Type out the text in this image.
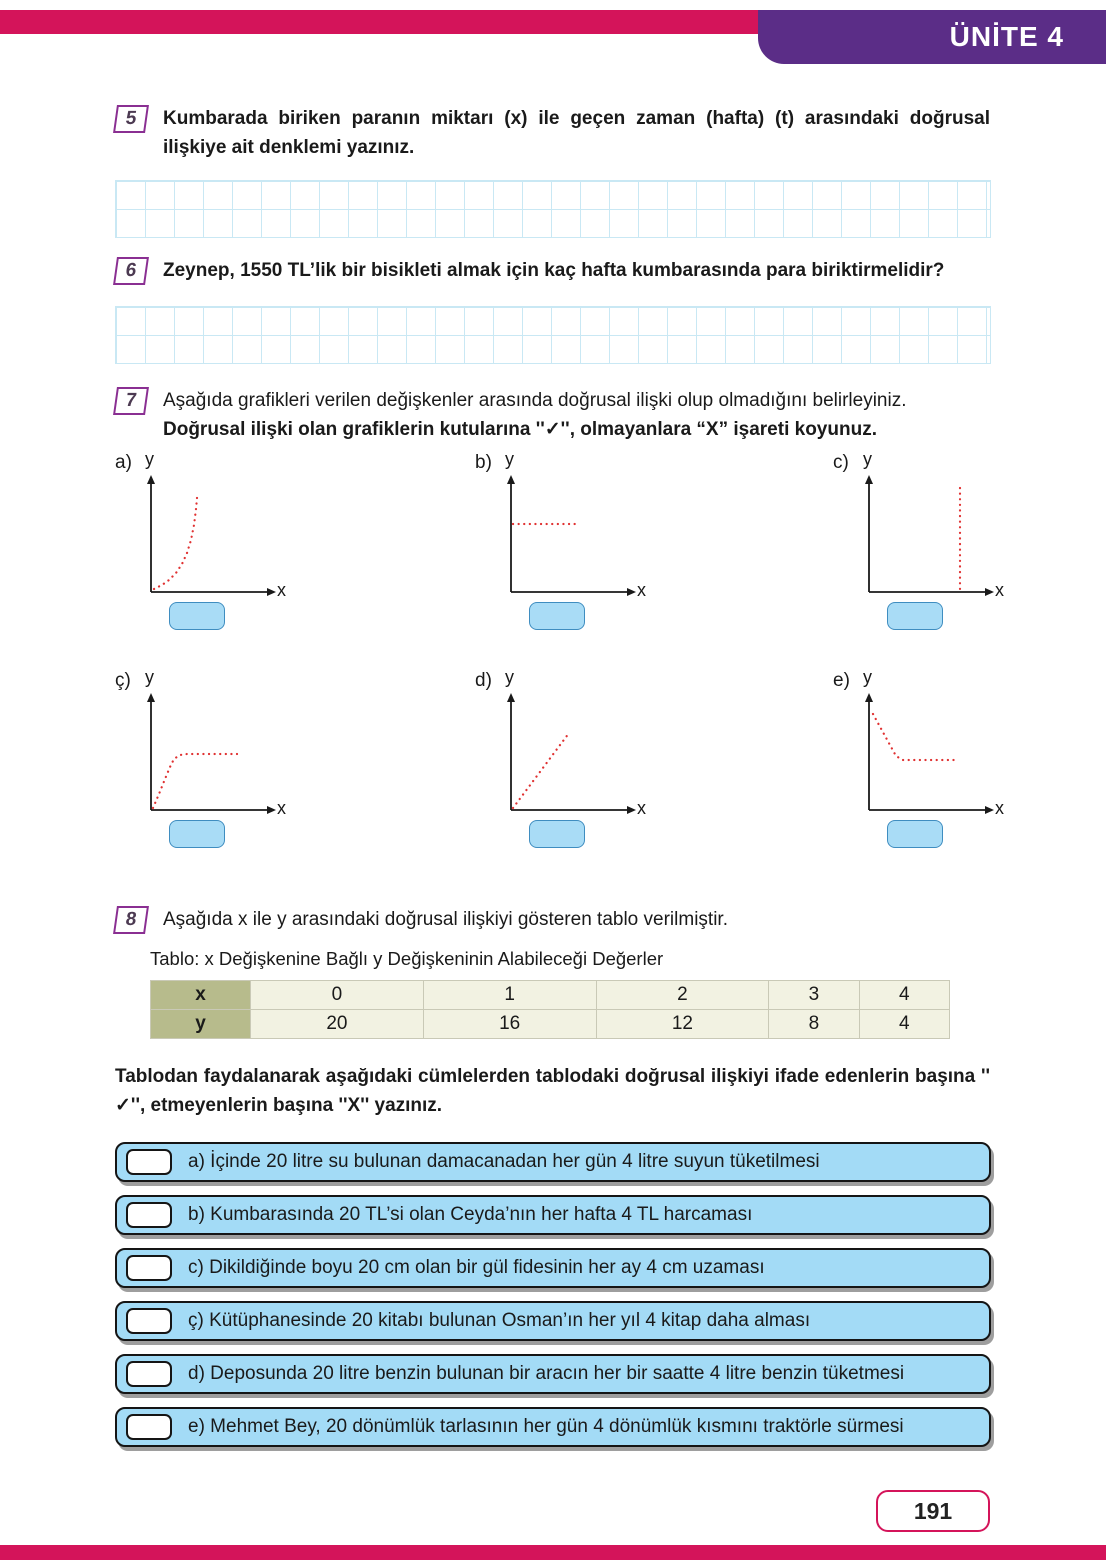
ÜNİTE 4
5	Kumbarada biriken paranın miktarı (x) ile geçen zaman (hafta) (t) arasındaki doğrusal ilişkiye ait denklemi yazınız.

6	Zeynep, 1550 TL’lik bir bisikleti almak için kaç hafta kumbarasında para biriktirmelidir?

7	Aşağıda grafikleri verilen değişkenler arasında doğrusal ilişki olup olmadığını belirleyiniz.

Doğrusal ilişki olan grafiklerin kutularına ''✓'', olmayanlara “X” işareti koyunuz.

a) y
x
b) y
x
c) y
x
ç) y
x
d) y
x
e) y
x
8	Aşağıda x ile y arasındaki doğrusal ilişkiyi gösteren tablo verilmiştir.

Tablo: x Değişkenine Bağlı y Değişkeninin Alabileceği Değerler
x	0	1	2	3	4
y	20	16	12	8	4
Tablodan faydalanarak aşağıdaki cümlelerden tablodaki doğrusal ilişkiyi ifade edenlerin başına '' ✓'', etmeyenlerin başına ''X'' yazınız.
a) İçinde 20 litre su bulunan damacanadan her gün 4 litre suyun tüketilmesi
b) Kumbarasında 20 TL’si olan Ceyda’nın her hafta 4 TL harcaması
c) Dikildiğinde boyu 20 cm olan bir gül fidesinin her ay 4 cm uzaması
ç) Kütüphanesinde 20 kitabı bulunan Osman’ın her yıl 4 kitap daha alması
d) Deposunda 20 litre benzin bulunan bir aracın her bir saatte 4 litre benzin tüketmesi
e) Mehmet Bey, 20 dönümlük tarlasının her gün 4 dönümlük kısmını traktörle sürmesi
191
